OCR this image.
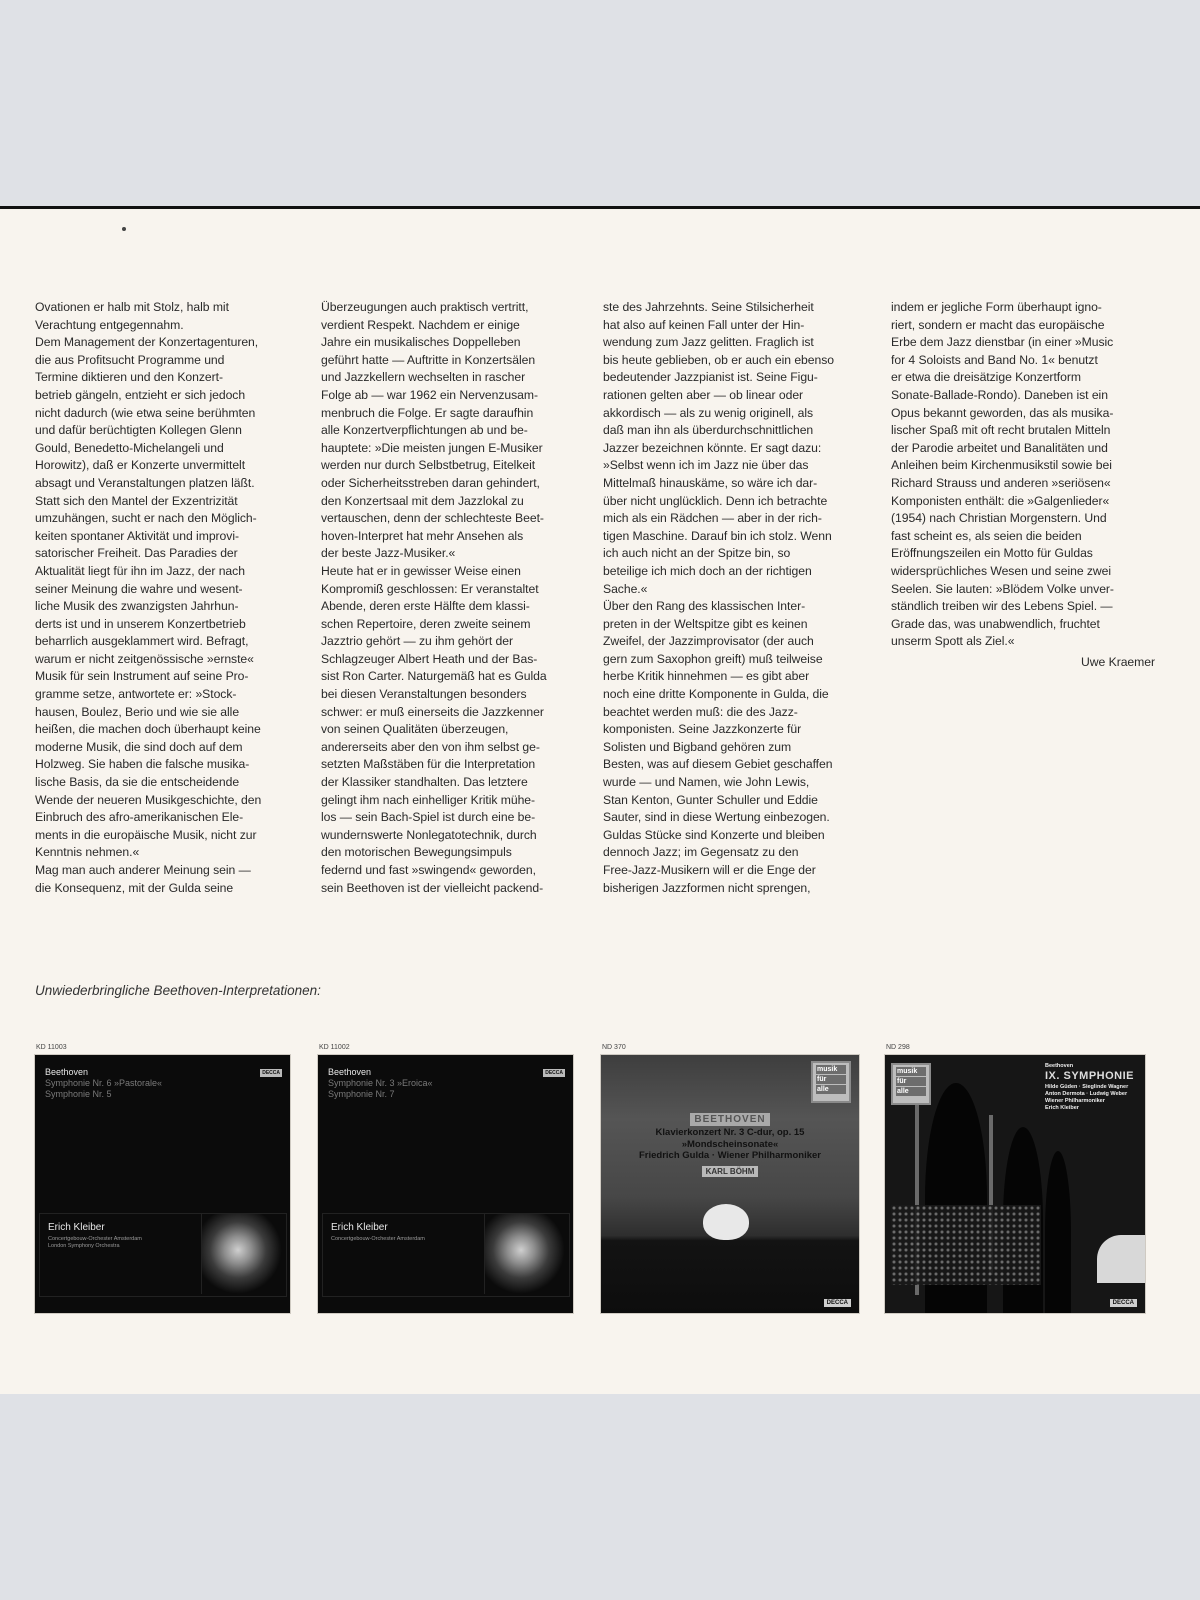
Ovationen er halb mit Stolz, halb mit

Verachtung entgegennahm.

Dem Management der Konzertagenturen,

die aus Profitsucht Programme und

Termine diktieren und den Konzert-

betrieb gängeln, entzieht er sich jedoch

nicht dadurch (wie etwa seine berühmten

und dafür berüchtigten Kollegen Glenn

Gould, Benedetto-Michelangeli und

Horowitz), daß er Konzerte unvermittelt

absagt und Veranstaltungen platzen läßt.

Statt sich den Mantel der Exzentrizität

umzuhängen, sucht er nach den Möglich-

keiten spontaner Aktivität und improvi-

satorischer Freiheit. Das Paradies der

Aktualität liegt für ihn im Jazz, der nach

seiner Meinung die wahre und wesent-

liche Musik des zwanzigsten Jahrhun-

derts ist und in unserem Konzertbetrieb

beharrlich ausgeklammert wird. Befragt,

warum er nicht zeitgenössische »ernste«

Musik für sein Instrument auf seine Pro-

gramme setze, antwortete er: »Stock-

hausen, Boulez, Berio und wie sie alle

heißen, die machen doch überhaupt keine

moderne Musik, die sind doch auf dem

Holzweg. Sie haben die falsche musika-

lische Basis, da sie die entscheidende

Wende der neueren Musikgeschichte, den

Einbruch des afro-amerikanischen Ele-

ments in die europäische Musik, nicht zur

Kenntnis nehmen.«

Mag man auch anderer Meinung sein —

die Konsequenz, mit der Gulda seine

Überzeugungen auch praktisch vertritt,

verdient Respekt. Nachdem er einige

Jahre ein musikalisches Doppelleben

geführt hatte — Auftritte in Konzertsälen

und Jazzkellern wechselten in rascher

Folge ab — war 1962 ein Nervenzusam-

menbruch die Folge. Er sagte daraufhin

alle Konzertverpflichtungen ab und be-

hauptete: »Die meisten jungen E-Musiker

werden nur durch Selbstbetrug, Eitelkeit

oder Sicherheitsstreben daran gehindert,

den Konzertsaal mit dem Jazzlokal zu

vertauschen, denn der schlechteste Beet-

hoven-Interpret hat mehr Ansehen als

der beste Jazz-Musiker.«

Heute hat er in gewisser Weise einen

Kompromiß geschlossen: Er veranstaltet

Abende, deren erste Hälfte dem klassi-

schen Repertoire, deren zweite seinem

Jazztrio gehört — zu ihm gehört der

Schlagzeuger Albert Heath und der Bas-

sist Ron Carter. Naturgemäß hat es Gulda

bei diesen Veranstaltungen besonders

schwer: er muß einerseits die Jazzkenner

von seinen Qualitäten überzeugen,

andererseits aber den von ihm selbst ge-

setzten Maßstäben für die Interpretation

der Klassiker standhalten. Das letztere

gelingt ihm nach einhelliger Kritik mühe-

los — sein Bach-Spiel ist durch eine be-

wundernswerte Nonlegatotechnik, durch

den motorischen Bewegungsimpuls

federnd und fast »swingend« geworden,

sein Beethoven ist der vielleicht packend-

ste des Jahrzehnts. Seine Stilsicherheit

hat also auf keinen Fall unter der Hin-

wendung zum Jazz gelitten. Fraglich ist

bis heute geblieben, ob er auch ein ebenso

bedeutender Jazzpianist ist. Seine Figu-

rationen gelten aber — ob linear oder

akkordisch — als zu wenig originell, als

daß man ihn als überdurchschnittlichen

Jazzer bezeichnen könnte. Er sagt dazu:

»Selbst wenn ich im Jazz nie über das

Mittelmaß hinauskäme, so wäre ich dar-

über nicht unglücklich. Denn ich betrachte

mich als ein Rädchen — aber in der rich-

tigen Maschine. Darauf bin ich stolz. Wenn

ich auch nicht an der Spitze bin, so

beteilige ich mich doch an der richtigen

Sache.«

Über den Rang des klassischen Inter-

preten in der Weltspitze gibt es keinen

Zweifel, der Jazzimprovisator (der auch

gern zum Saxophon greift) muß teilweise

herbe Kritik hinnehmen — es gibt aber

noch eine dritte Komponente in Gulda, die

beachtet werden muß: die des Jazz-

komponisten. Seine Jazzkonzerte für

Solisten und Bigband gehören zum

Besten, was auf diesem Gebiet geschaffen

wurde — und Namen, wie John Lewis,

Stan Kenton, Gunter Schuller und Eddie

Sauter, sind in diese Wertung einbezogen.

Guldas Stücke sind Konzerte und bleiben

dennoch Jazz; im Gegensatz zu den

Free-Jazz-Musikern will er die Enge der

bisherigen Jazzformen nicht sprengen,

indem er jegliche Form überhaupt igno-

riert, sondern er macht das europäische

Erbe dem Jazz dienstbar (in einer »Music

for 4 Soloists and Band No. 1« benutzt

er etwa die dreisätzige Konzertform

Sonate-Ballade-Rondo). Daneben ist ein

Opus bekannt geworden, das als musika-

lischer Spaß mit oft recht brutalen Mitteln

der Parodie arbeitet und Banalitäten und

Anleihen beim Kirchenmusikstil sowie bei

Richard Strauss und anderen »seriösen«

Komponisten enthält: die »Galgenlieder«

(1954) nach Christian Morgenstern. Und

fast scheint es, als seien die beiden

Eröffnungszeilen ein Motto für Guldas

widersprüchliches Wesen und seine zwei

Seelen. Sie lauten: »Blödem Volke unver-

ständlich treiben wir des Lebens Spiel. —

Grade das, was unabwendlich, fruchtet

unserm Spott als Ziel.«

Uwe Kraemer

Unwiederbringliche Beethoven-Interpretationen:
KD 11003
Beethoven
Symphonie Nr. 6 »Pastorale«
Symphonie Nr. 5
DECCA
Erich Kleiber
Concertgebouw-Orchester Amsterdam
London Symphony Orchestra
KD 11002
Beethoven
Symphonie Nr. 3 »Eroica«
Symphonie Nr. 7
DECCA
Erich Kleiber
Concertgebouw-Orchester Amsterdam
ND 370
musik
für
alle
BEETHOVEN
Klavierkonzert Nr. 3 C-dur, op. 15
»Mondscheinsonate«
Friedrich Gulda · Wiener Philharmoniker
KARL BÖHM
DECCA
ND 298
musik
für
alle
Beethoven
IX. SYMPHONIE
Hilde Güden · Sieglinde Wagner
Anton Dermota · Ludwig Weber
Wiener Philharmoniker
Erich Kleiber
DECCA
